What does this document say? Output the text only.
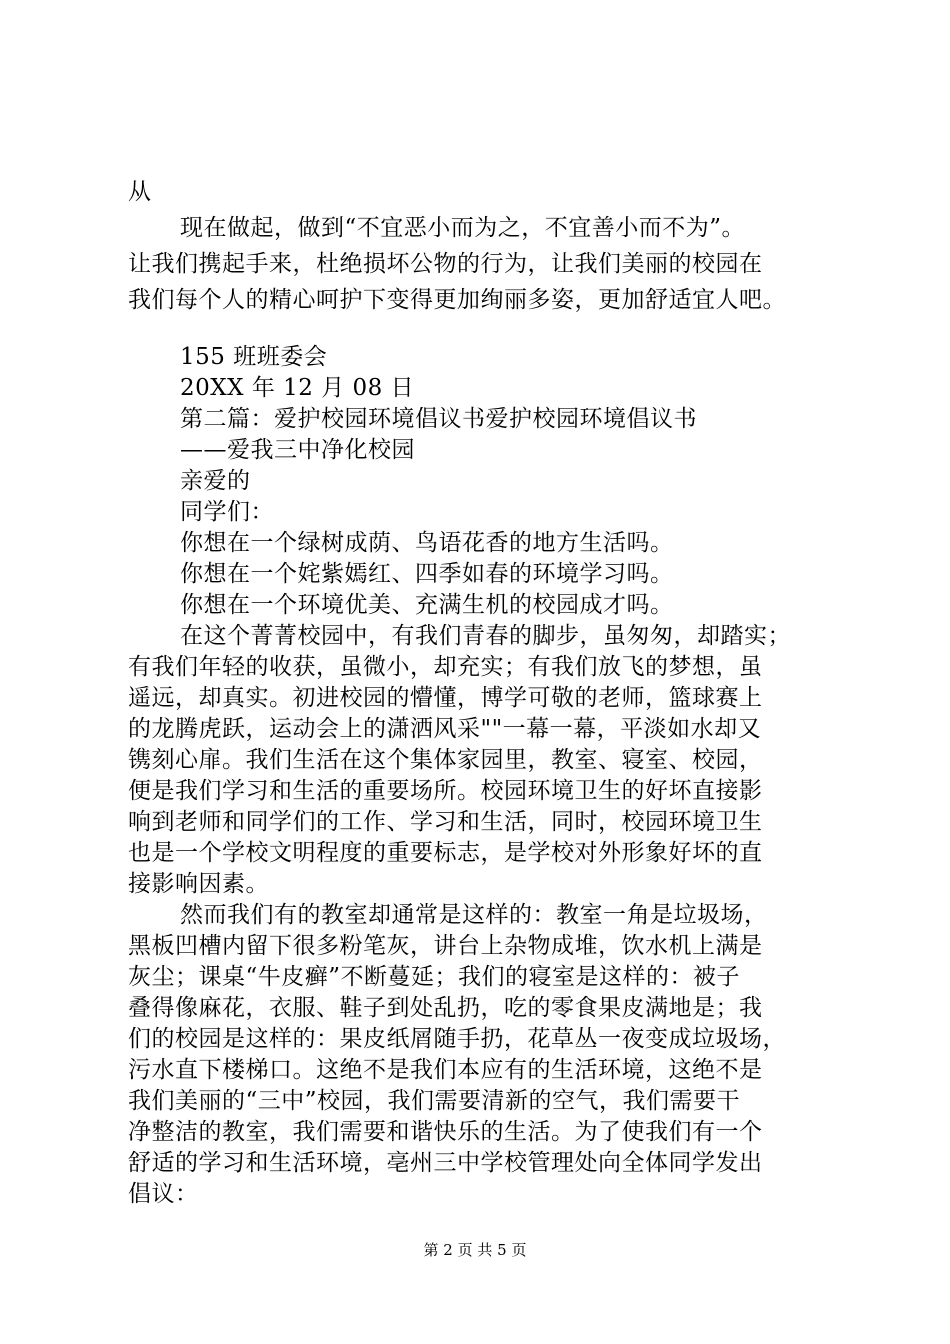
从
现在做起，做到“不宜恶小而为之，不宜善小而不为”。
让我们携起手来，杜绝损坏公物的行为，让我们美丽的校园在
我们每个人的精心呵护下变得更加绚丽多姿，更加舒适宜人吧。
155 班班委会
20XX 年 12 月 08 日
第二篇：爱护校园环境倡议书爱护校园环境倡议书
——爱我三中净化校园
亲爱的
同学们：
你想在一个绿树成荫、鸟语花香的地方生活吗。
你想在一个姹紫嫣红、四季如春的环境学习吗。
你想在一个环境优美、充满生机的校园成才吗。
在这个菁菁校园中，有我们青春的脚步，虽匆匆，却踏实；
有我们年轻的收获，虽微小，却充实；有我们放飞的梦想，虽
遥远，却真实。初进校园的懵懂，博学可敬的老师，篮球赛上
的龙腾虎跃，运动会上的潇洒风采""一幕一幕，平淡如水却又
镌刻心扉。我们生活在这个集体家园里，教室、寝室、校园，
便是我们学习和生活的重要场所。校园环境卫生的好坏直接影
响到老师和同学们的工作、学习和生活，同时，校园环境卫生
也是一个学校文明程度的重要标志，是学校对外形象好坏的直
接影响因素。
然而我们有的教室却通常是这样的：教室一角是垃圾场，
黑板凹槽内留下很多粉笔灰，讲台上杂物成堆，饮水机上满是
灰尘；课桌“牛皮癣”不断蔓延；我们的寝室是这样的：被子
叠得像麻花，衣服、鞋子到处乱扔，吃的零食果皮满地是；我
们的校园是这样的：果皮纸屑随手扔，花草丛一夜变成垃圾场，
污水直下楼梯口。这绝不是我们本应有的生活环境，这绝不是
我们美丽的“三中”校园，我们需要清新的空气，我们需要干
第 2 页 共 5 页
净整洁的教室，我们需要和谐快乐的生活。为了使我们有一个
舒适的学习和生活环境，亳州三中学校管理处向全体同学发出
倡议：
